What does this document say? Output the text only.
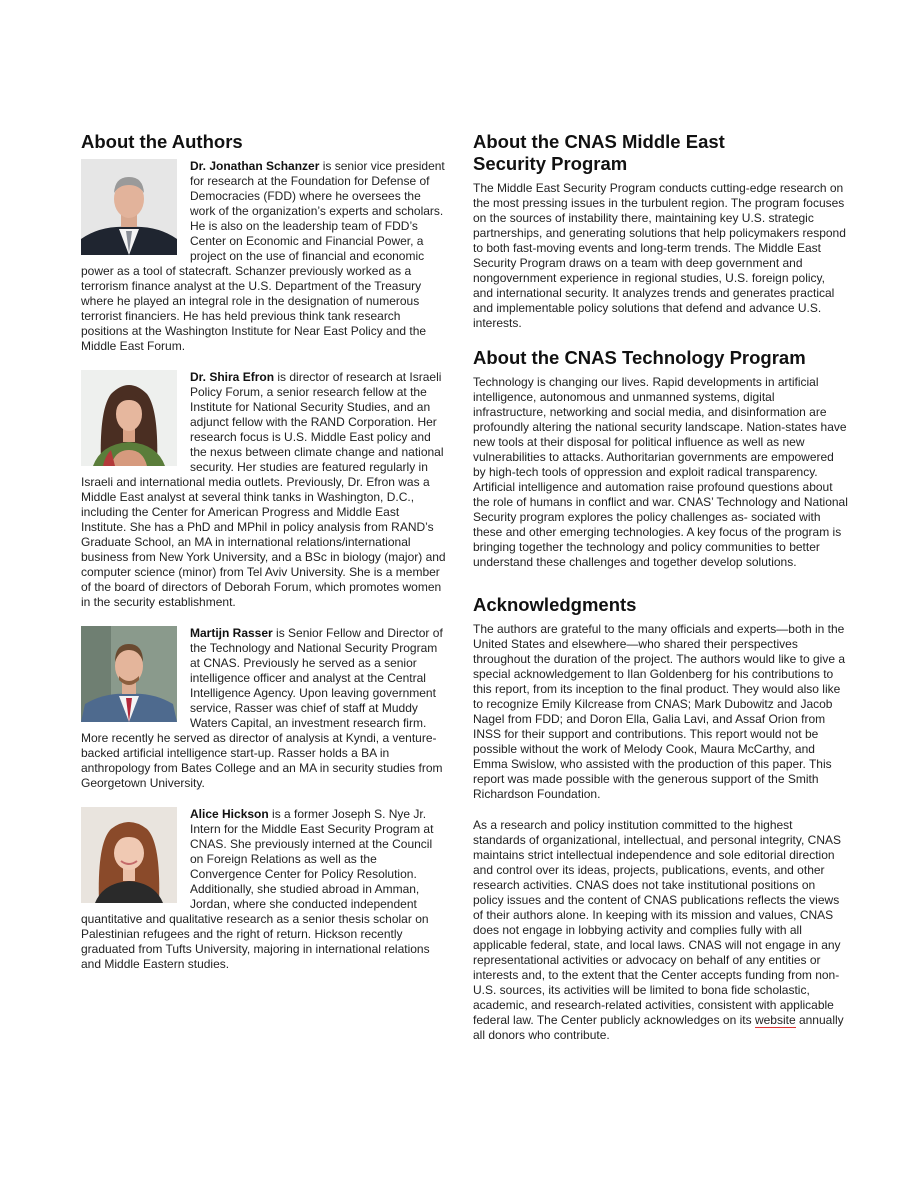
About the Authors
Dr. Jonathan Schanzer is senior vice president for research at the Foundation for Defense of Democracies (FDD) where he oversees the work of the organization’s experts and scholars. He is also on the leadership team of FDD’s Center on Economic and Financial Power, a project on the use of financial and economic power as a tool of statecraft. Schanzer previously worked as a terrorism finance analyst at the U.S. Department of the Treasury where he played an integral role in the designation of numerous terrorist financiers. He has held previous think tank research positions at the Washington Institute for Near East Policy and the Middle East Forum.
Dr. Shira Efron is director of research at Israeli Policy Forum, a senior research fellow at the Institute for National Security Studies, and an adjunct fellow with the RAND Corporation. Her research focus is U.S. Middle East policy and the nexus between climate change and national security. Her studies are featured regularly in Israeli and international media outlets. Previously, Dr. Efron was a Middle East analyst at several think tanks in Washington, D.C., including the Center for American Progress and Middle East Institute. She has a PhD and MPhil in policy analysis from RAND’s Graduate School, an MA in international relations/international business from New York University, and a BSc in biology (major) and computer science (minor) from Tel Aviv University. She is a member of the board of directors of Deborah Forum, which promotes women in the security establishment.
Martijn Rasser is Senior Fellow and Director of the Technology and National Security Program at CNAS. Previously he served as a senior intelligence officer and analyst at the Central Intelligence Agency. Upon leaving government service, Rasser was chief of staff at Muddy Waters Capital, an investment research firm. More recently he served as director of analysis at Kyndi, a venture-backed artificial intelligence start-up. Rasser holds a BA in anthropology from Bates College and an MA in security studies from Georgetown University.
Alice Hickson is a former Joseph S. Nye Jr. Intern for the Middle East Security Program at CNAS. She previously interned at the Council on Foreign Relations as well as the Convergence Center for Policy Resolution. Additionally, she studied abroad in Amman, Jordan, where she conducted independent quantitative and qualitative research as a senior thesis scholar on Palestinian refugees and the right of return. Hickson recently graduated from Tufts University, majoring in international relations and Middle Eastern studies.
About the CNAS Middle East Security Program

The Middle East Security Program conducts cutting-edge research on the most pressing issues in the turbulent region. The program focuses on the sources of instability there, maintaining key U.S. strategic partnerships, and generating solutions that help policymakers respond to both fast-moving events and long-term trends. The Middle East Security Program draws on a team with deep government and nongovernment experience in regional studies, U.S. foreign policy, and international security. It analyzes trends and generates practical and implementable policy solutions that defend and advance U.S. interests.

About the CNAS Technology Program

Technology is changing our lives. Rapid developments in artificial intelligence, autonomous and unmanned systems, digital infrastructure, networking and social media, and disinformation are profoundly altering the national security landscape. Nation-states have new tools at their disposal for political influence as well as new vulnerabilities to attacks. Authoritarian governments are empowered by high-tech tools of oppression and exploit radical transparency. Artificial intelligence and automation raise profound questions about the role of humans in conflict and war. CNAS’ Technology and National Security program explores the policy challenges as- sociated with these and other emerging technologies. A key focus of the program is bringing together the technology and policy communities to better understand these challenges and together develop solutions.

Acknowledgments

The authors are grateful to the many officials and experts—both in the United States and elsewhere—who shared their perspectives throughout the duration of the project. The authors would like to give a special acknowledgement to Ilan Goldenberg for his contributions to this report, from its inception to the final product. They would also like to recognize Emily Kilcrease from CNAS; Mark Dubowitz and Jacob Nagel from FDD; and Doron Ella, Galia Lavi, and Assaf Orion from INSS for their support and contributions. This report would not be possible without the work of Melody Cook, Maura McCarthy, and Emma Swislow, who assisted with the production of this paper. This report was made possible with the generous support of the Smith Richardson Foundation.

As a research and policy institution committed to the highest standards of organizational, intellectual, and personal integrity, CNAS maintains strict intellectual independence and sole editorial direction and control over its ideas, projects, publications, events, and other research activities. CNAS does not take institutional positions on policy issues and the content of CNAS publications reflects the views of their authors alone. In keeping with its mission and values, CNAS does not engage in lobbying activity and complies fully with all applicable federal, state, and local laws. CNAS will not engage in any representational activities or advocacy on behalf of any entities or interests and, to the extent that the Center accepts funding from non-U.S. sources, its activities will be limited to bona fide scholastic, academic, and research-related activities, consistent with applicable federal law. The Center publicly acknowledges on its website annually all donors who contribute.
